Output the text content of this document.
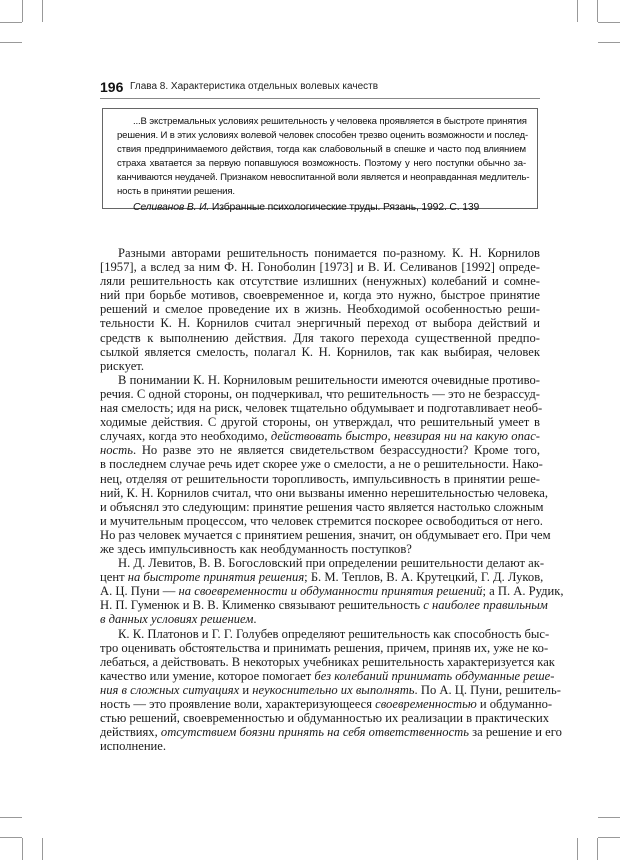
196 Глава 8. Характеристика отдельных волевых качеств
...В экстремальных условиях решительность у человека проявляется в быстроте принятия
решения. И в этих условиях волевой человек способен трезво оценить возможности и послед-
ствия предпринимаемого действия, тогда как слабовольный в спешке и часто под влиянием
страха хватается за первую попавшуюся возможность. Поэтому у него поступки обычно за-
канчиваются неудачей. Признаком невоспитанной воли является и неоправданная медлитель-
ность в принятии решения.
Селиванов В. И. Избранные психологические труды. Рязань, 1992. С. 139
Разными авторами решительность понимается по-разному. К. Н. Корнилов
[1957], а вслед за ним Ф. Н. Гоноболин [1973] и В. И. Селиванов [1992] опреде-
ляли решительность как отсутствие излишних (ненужных) колебаний и сомне-
ний при борьбе мотивов, своевременное и, когда это нужно, быстрое принятие
решений и смелое проведение их в жизнь. Необходимой особенностью реши-
тельности К. Н. Корнилов считал энергичный переход от выбора действий и
средств к выполнению действия. Для такого перехода существенной предпо-
сылкой является смелость, полагал К. Н. Корнилов, так как выбирая, человек
рискует.
В понимании К. Н. Корниловым решительности имеются очевидные противо-
речия. С одной стороны, он подчеркивал, что решительность — это не безрассуд-
ная смелость; идя на риск, человек тщательно обдумывает и подготавливает необ-
ходимые действия. С другой стороны, он утверждал, что решительный умеет в
случаях, когда это необходимо, действовать быстро, невзирая ни на какую опас-
ность. Но разве это не является свидетельством безрассудности? Кроме того,
в последнем случае речь идет скорее уже о смелости, а не о решительности. Нако-
нец, отделяя от решительности торопливость, импульсивность в принятии реше-
ний, К. Н. Корнилов считал, что они вызваны именно нерешительностью человека,
и объяснял это следующим: принятие решения часто является настолько сложным
и мучительным процессом, что человек стремится поскорее освободиться от него.
Но раз человек мучается с принятием решения, значит, он обдумывает его. При чем
же здесь импульсивность как необдуманность поступков?
Н. Д. Левитов, В. В. Богословский при определении решительности делают ак-
цент на быстроте принятия решения; Б. М. Теплов, В. А. Крутецкий, Г. Д. Луков,
А. Ц. Пуни — на своевременности и обдуманности принятия решений; а П. А. Рудик,
Н. П. Гуменюк и В. В. Клименко связывают решительность с наиболее правильным
в данных условиях решением.
К. К. Платонов и Г. Г. Голубев определяют решительность как способность быс-
тро оценивать обстоятельства и принимать решения, причем, приняв их, уже не ко-
лебаться, а действовать. В некоторых учебниках решительность характеризуется как
качество или умение, которое помогает без колебаний принимать обдуманные реше-
ния в сложных ситуациях и неукоснительно их выполнять. По А. Ц. Пуни, решитель-
ность — это проявление воли, характеризующееся своевременностью и обдуманно-
стью решений, своевременностью и обдуманностью их реализации в практических
действиях, отсутствием боязни принять на себя ответственность за решение и его
исполнение.
